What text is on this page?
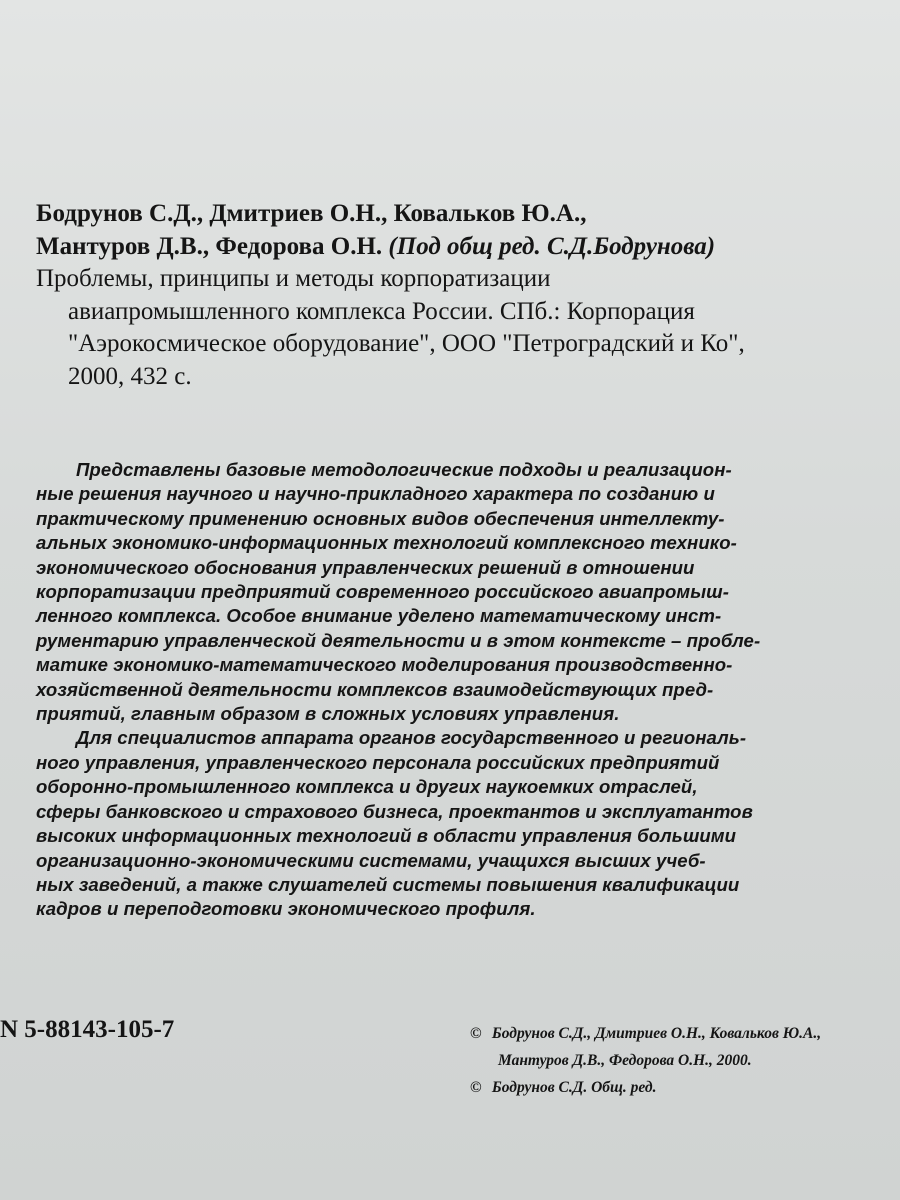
Бодрунов С.Д., Дмитриев О.Н., Ковальков Ю.А.,
Мантуров Д.В., Федорова О.Н. (Под общ ред. С.Д.Бодрунова)
Проблемы, принципы и методы корпоратизации
авиапромышленного комплекса России. СПб.: Корпорация
"Аэрокосмическое оборудование", ООО "Петроградский и Ко",
2000, 432 с.
Представлены базовые методологические подходы и реализацион-
ные решения научного и научно-прикладного характера по созданию и
практическому применению основных видов обеспечения интеллекту-
альных экономико-информационных технологий комплексного технико-
экономического обоснования управленческих решений в отношении
корпоратизации предприятий современного российского авиапромыш-
ленного комплекса. Особое внимание уделено математическому инст-
рументарию управленческой деятельности и в этом контексте – пробле-
матике экономико-математического моделирования производственно-
хозяйственной деятельности комплексов взаимодействующих пред-
приятий, главным образом в сложных условиях управления.
Для специалистов аппарата органов государственного и региональ-
ного управления, управленческого персонала российских предприятий
оборонно-промышленного комплекса и других наукоемких отраслей,
сферы банковского и страхового бизнеса, проектантов и эксплуатантов
высоких информационных технологий в области управления большими
организационно-экономическими системами, учащихся высших учеб-
ных заведений, а также слушателей системы повышения квалификации
кадров и переподготовки экономического профиля.
N 5-88143-105-7	© Бодрунов С.Д., Дмитриев О.Н., Ковальков Ю.А.,
Мантуров Д.В., Федорова О.Н., 2000.
© Бодрунов С.Д. Общ. ред.
